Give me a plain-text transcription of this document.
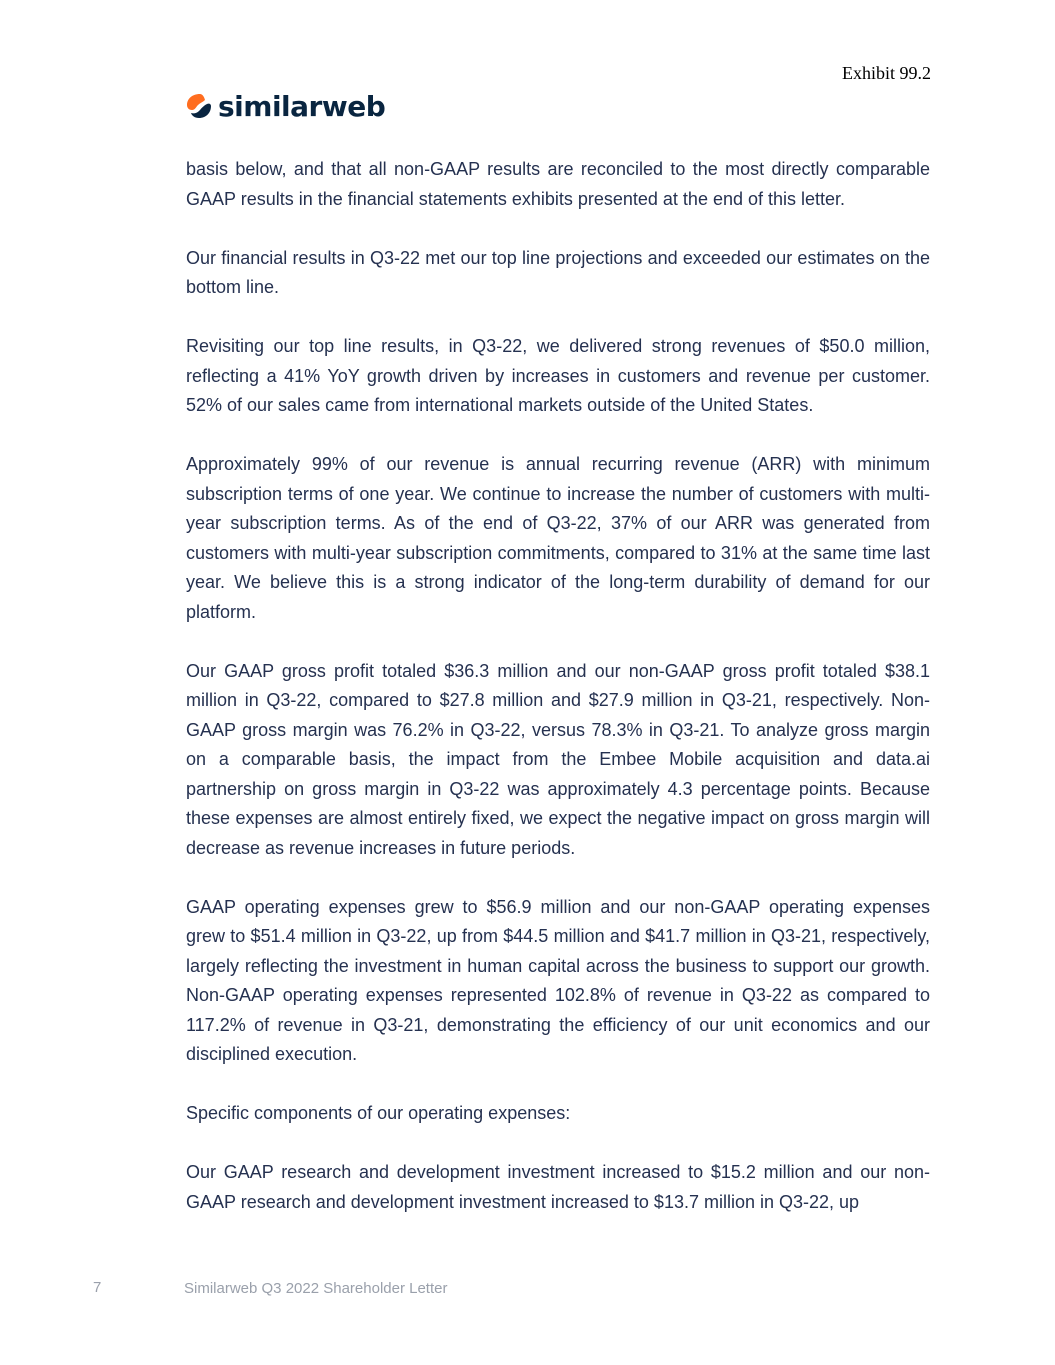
Exhibit 99.2
similarweb

basis below, and that all non-GAAP results are reconciled to the most directly comparable GAAP results in the financial statements exhibits presented at the end of this letter.

Our financial results in Q3-22 met our top line projections and exceeded our estimates on the bottom line.

Revisiting our top line results, in Q3-22, we delivered strong revenues of $50.0 million, reflecting a 41% YoY growth driven by increases in customers and revenue per customer. 52% of our sales came from international markets outside of the United States.

Approximately 99% of our revenue is annual recurring revenue (ARR) with minimum subscription terms of one year. We continue to increase the number of customers with multi-year subscription terms. As of the end of Q3-22, 37% of our ARR was generated from customers with multi-year subscription commitments, compared to 31% at the same time last year. We believe this is a strong indicator of the long-term durability of demand for our platform.

Our GAAP gross profit totaled $36.3 million and our non-GAAP gross profit totaled $38.1 million in Q3-22, compared to $27.8 million and $27.9 million in Q3-21, respectively. Non-GAAP gross margin was 76.2% in Q3-22, versus 78.3% in Q3-21. To analyze gross margin on a comparable basis, the impact from the Embee Mobile acquisition and data.ai partnership on gross margin in Q3-22 was approximately 4.3 percentage points. Because these expenses are almost entirely fixed, we expect the negative impact on gross margin will decrease as revenue increases in future periods.

GAAP operating expenses grew to $56.9 million and our non-GAAP operating expenses grew to $51.4 million in Q3-22, up from $44.5 million and $41.7 million in Q3-21, respectively, largely reflecting the investment in human capital across the business to support our growth. Non-GAAP operating expenses represented 102.8% of revenue in Q3-22 as compared to 117.2% of revenue in Q3-21, demonstrating the efficiency of our unit economics and our disciplined execution.

Specific components of our operating expenses:

Our GAAP research and development investment increased to $15.2 million and our non-GAAP research and development investment increased to $13.7 million in Q3-22, up

7	Similarweb Q3 2022 Shareholder Letter
